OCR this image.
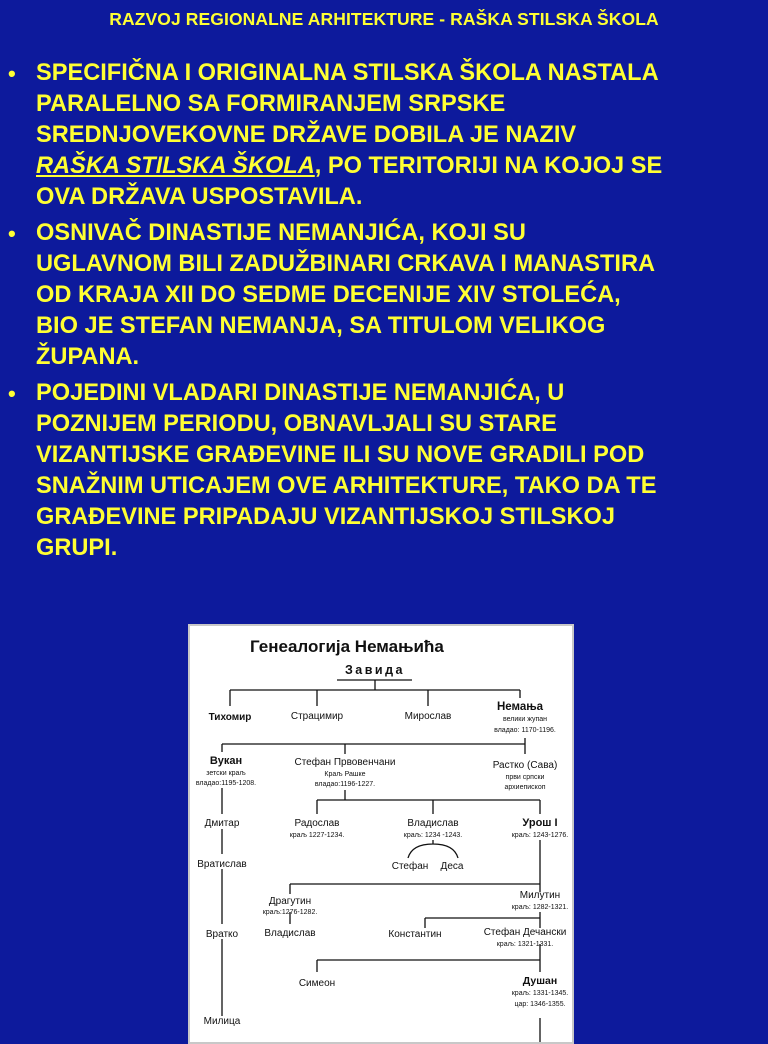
RAZVOJ REGIONALNE ARHITEKTURE - RAŠKA STILSKA ŠKOLA
• SPECIFIČNA I ORIGINALNA STILSKA ŠKOLA NASTALA
PARALELNO SA FORMIRANJEM SRPSKE
SREDNJOVEKOVNE DRŽAVE DOBILA JE NAZIV
RAŠKA STILSKA ŠKOLA, PO TERITORIJI NA KOJOJ SE
OVA DRŽAVA USPOSTAVILA.
• OSNIVAČ DINASTIJE NEMANJIĆA, KOJI SU
UGLAVNOM BILI ZADUŽBINARI CRKAVA I MANASTIRA
OD KRAJA XII DO SEDME DECENIJE XIV STOLEĆA,
BIO JE STEFAN NEMANJA, SA TITULOM VELIKOG
ŽUPANA.
• POJEDINI VLADARI DINASTIJE NEMANJIĆA, U
POZNIJEM PERIODU, OBNAVLJALI SU STARE
VIZANTIJSKE GRAĐEVINE ILI SU NOVE GRADILI POD
SNAŽNIM UTICAJEM OVE ARHITEKTURE, TAKO DA TE
GRAĐEVINE PRIPADAJU VIZANTIJSKOJ STILSKOJ
GRUPI.
Генеалогија Немањића
Завида
Тихомир	Страцимир	Мирослав
Немања
велики жупан
владао: 1170-1196.
Вукан
зетски краљ
владао:1195-1208.
Стефан Првовенчани
Краљ Рашке
владао:1196-1227.
Растко (Сава)
први српски
архиепископ
Дмитар	Радослав
краљ 1227-1234.
Владислав
краљ: 1234 -1243.
Урош I
краљ: 1243-1276.
Вратислав	Стефан Деса
Драгутин
краљ:1276-1282.
Милутин
краљ: 1282-1321.
Вратко	Владислав	Константин	Стефан Дечански
краљ: 1321-1331.
Симеон	Душан
краљ: 1331-1345.
цар: 1346-1355.
Милица
